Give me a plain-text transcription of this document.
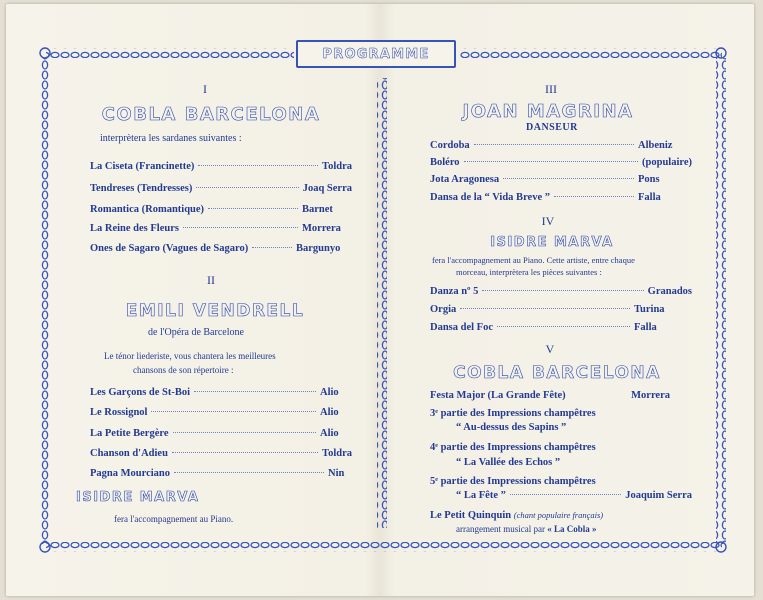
PROGRAMME
I
COBLA BARCELONA
interprètera les sardanes suivantes :
La Ciseta (Francinette)	Toldra
Tendreses (Tendresses)	Joaq Serra
Romantica (Romantique)	Barnet
La Reine des Fleurs	Morrera
Ones de Sagaro (Vagues de Sagaro)	Bargunyo
II
EMILI VENDRELL
de l'Opéra de Barcelone
Le ténor liederiste, vous chantera les meilleures
chansons de son répertoire :
Les Garçons de St-Boi	Alio
Le Rossignol	Alio
La Petite Bergère	Alio
Chanson d'Adieu	Toldra
Pagna Mourciano	Nin
ISIDRE MARVA
fera l'accompagnement au Piano.
III
JOAN MAGRINA
DANSEUR
Cordoba	Albeniz
Boléro	(populaire)
Jota Aragonesa	Pons
Dansa de la “ Vida Breve ”	Falla
IV
ISIDRE MARVA
fera l'accompagnement au Piano. Cette artiste, entre chaque
morceau, interprètera les pièces suivantes :
Danza nº 5	Granados
Orgia	Turina
Dansa del Foc	Falla
V
COBLA BARCELONA
Festa Major (La Grande Fête)	Morrera
3ᵉ partie des Impressions champêtres
“ Au-dessus des Sapins ”
4ᵉ partie des Impressions champêtres
“ La Vallée des Echos ”
5ᵉ partie des Impressions champêtres
“ La Fête ”	Joaquim Serra
Le Petit Quinquin (chant populaire français)
arrangement musical par « La Cobla »
